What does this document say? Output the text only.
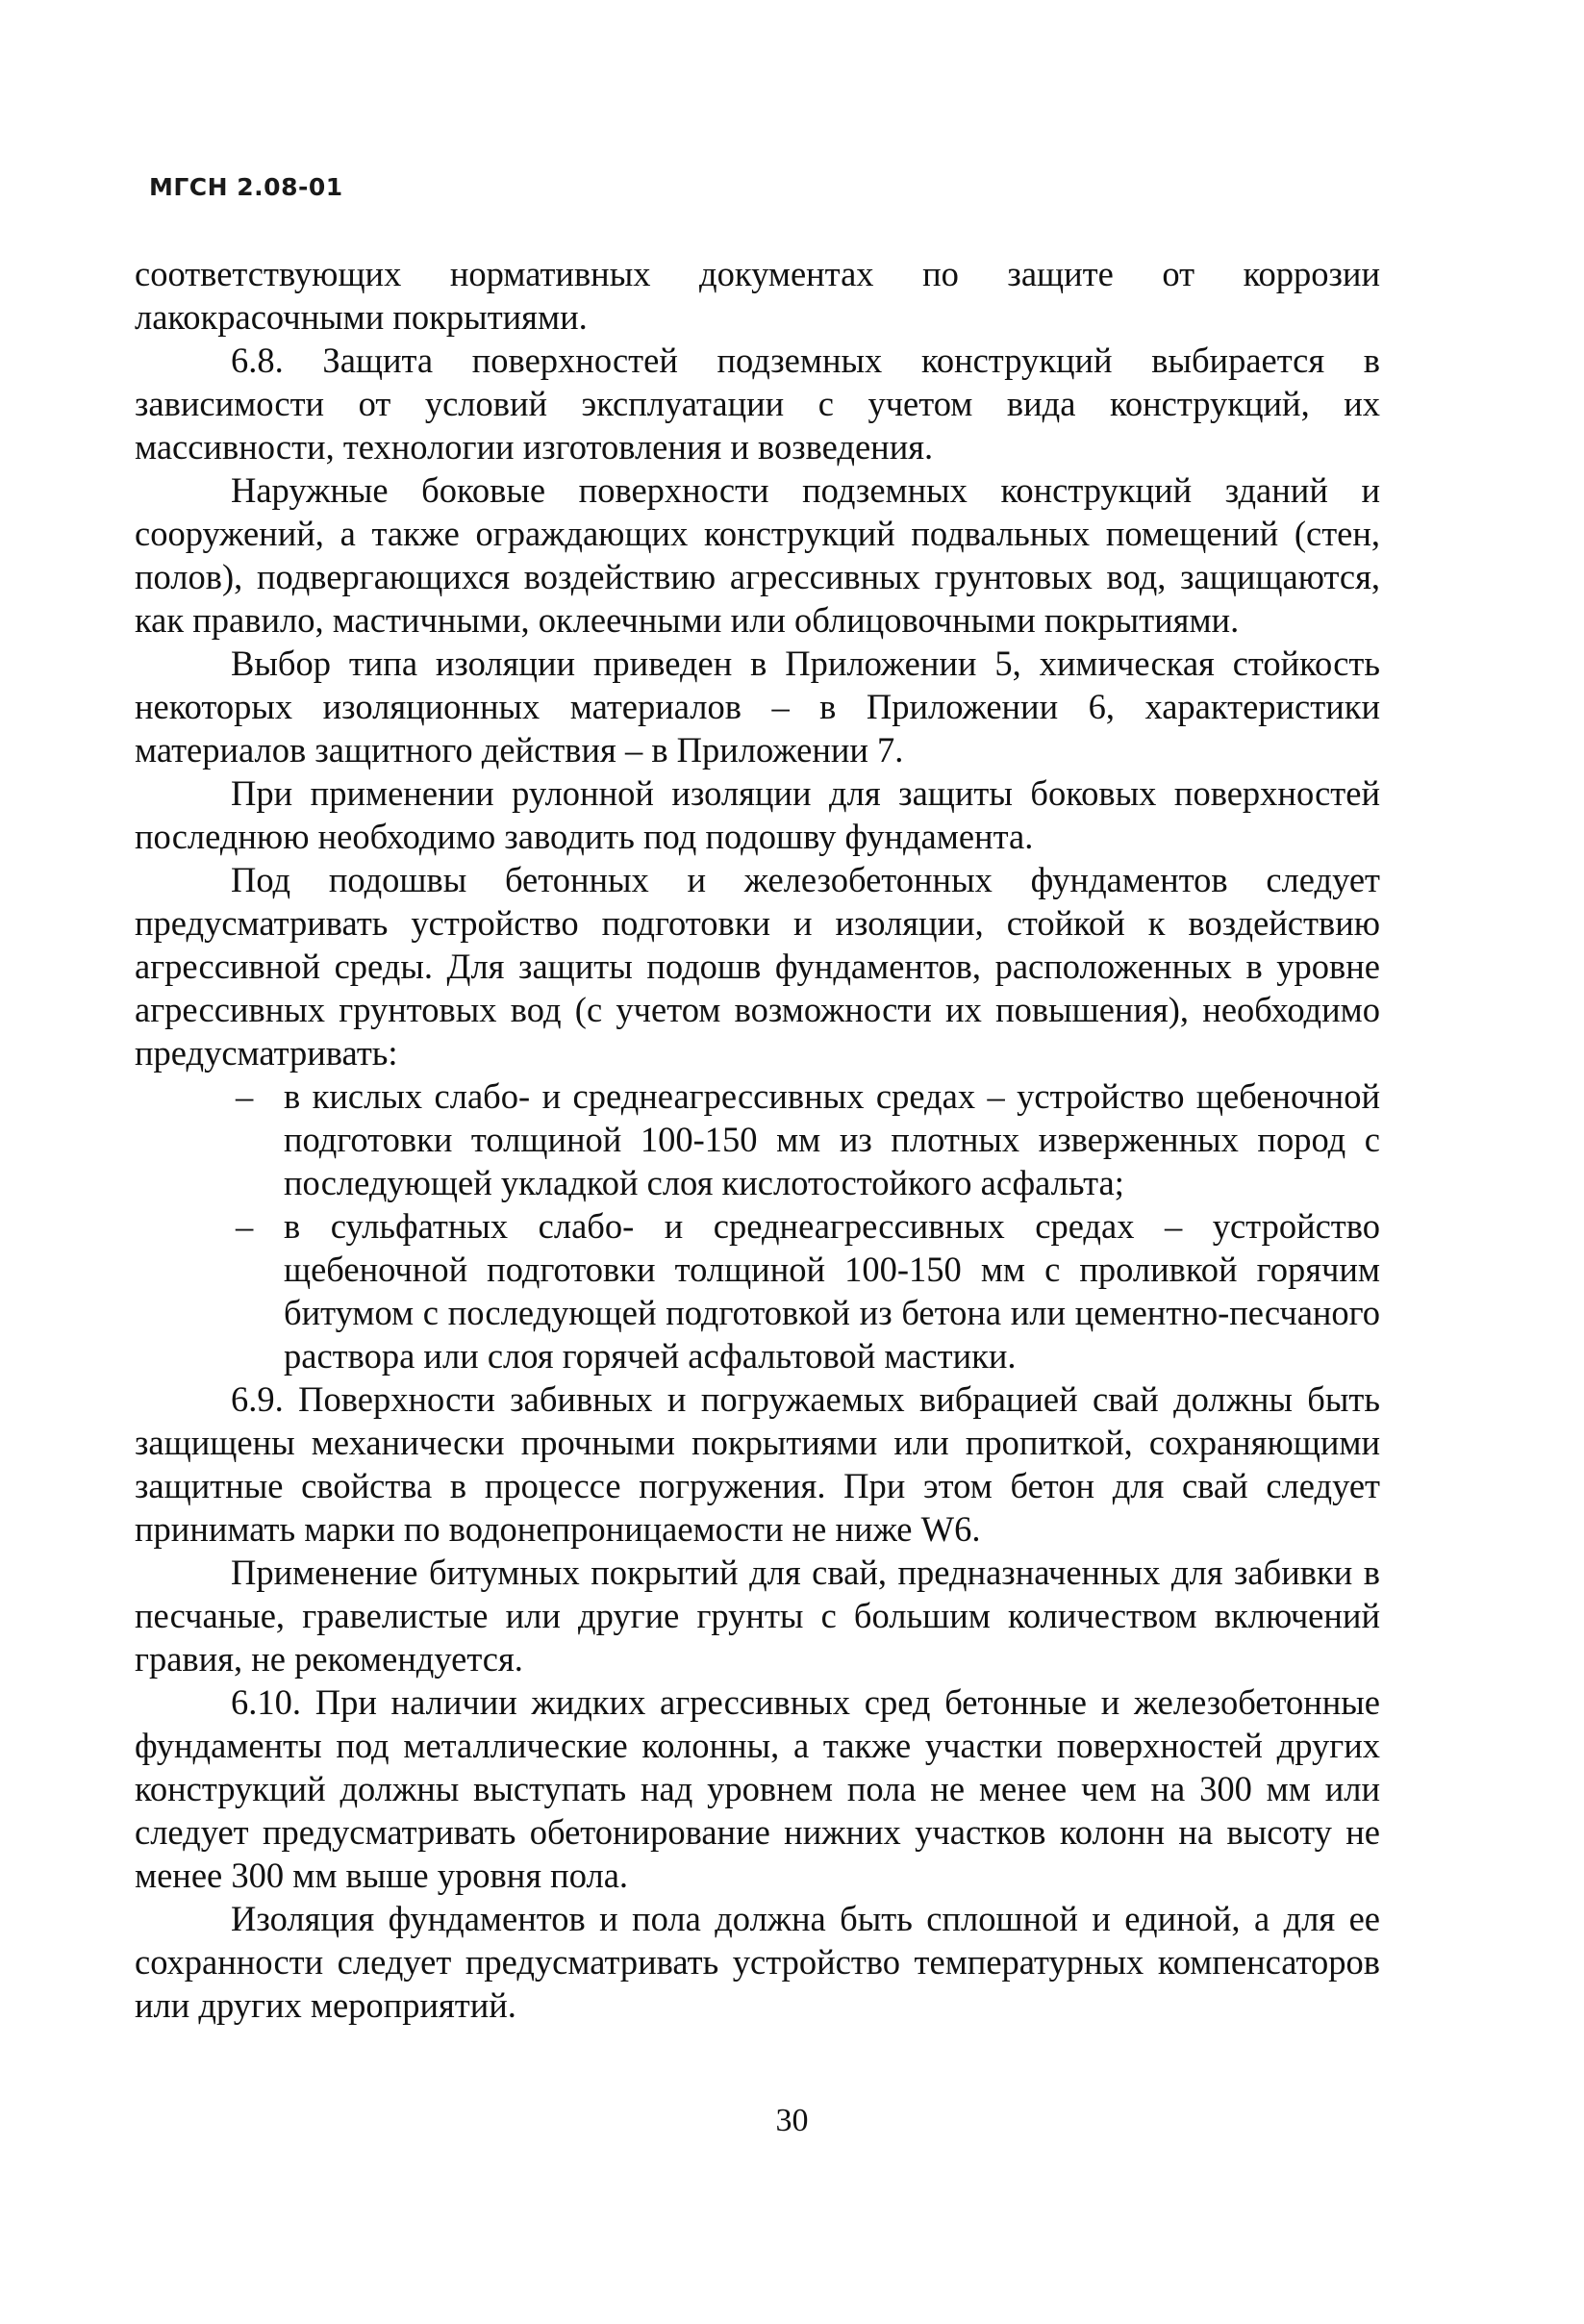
МГСН 2.08-01

соответствующих нормативных документах по защите от коррозии лакокрасочными покрытиями.

6.8. Защита поверхностей подземных конструкций выбирается в зависимости от условий эксплуатации с учетом вида конструкций, их массивности, технологии изготовления и возведения.

Наружные боковые поверхности подземных конструкций зданий и сооружений, а также ограждающих конструкций подвальных помещений (стен, полов), подвергающихся воздействию агрессивных грунтовых вод, защищаются, как правило, мастичными, оклеечными или облицовочными покрытиями.

Выбор типа изоляции приведен в Приложении 5, химическая стойкость некоторых изоляционных материалов – в Приложении 6, характеристики материалов защитного действия – в Приложении 7.

При применении рулонной изоляции для защиты боковых поверхностей последнюю необходимо заводить под подошву фундамента.

Под подошвы бетонных и железобетонных фундаментов следует предусматривать устройство подготовки и изоляции, стойкой к воздействию агрессивной среды. Для защиты подошв фундаментов, расположенных в уровне агрессивных грунтовых вод (с учетом возможности их повышения), необходимо предусматривать:

– в кислых слабо- и среднеагрессивных средах – устройство щебеночной подготовки толщиной 100-150 мм из плотных изверженных пород с последующей укладкой слоя кислотостойкого асфальта;
– в сульфатных слабо- и среднеагрессивных средах – устройство щебеночной подготовки толщиной 100-150 мм с проливкой горячим битумом с последующей подготовкой из бетона или цементно-песчаного раствора или слоя горячей асфальтовой мастики.

6.9. Поверхности забивных и погружаемых вибрацией свай должны быть защищены механически прочными покрытиями или пропиткой, сохраняющими защитные свойства в процессе погружения. При этом бетон для свай следует принимать марки по водонепроницаемости не ниже W6.

Применение битумных покрытий для свай, предназначенных для забивки в песчаные, гравелистые или другие грунты с большим количеством включений гравия, не рекомендуется.

6.10. При наличии жидких агрессивных сред бетонные и железобетонные фундаменты под металлические колонны, а также участки поверхностей других конструкций должны выступать над уровнем пола не менее чем на 300 мм или следует предусматривать обетонирование нижних участков колонн на высоту не менее 300 мм выше уровня пола.

Изоляция фундаментов и пола должна быть сплошной и единой, а для ее сохранности следует предусматривать устройство температурных компенсаторов или других мероприятий.

30
